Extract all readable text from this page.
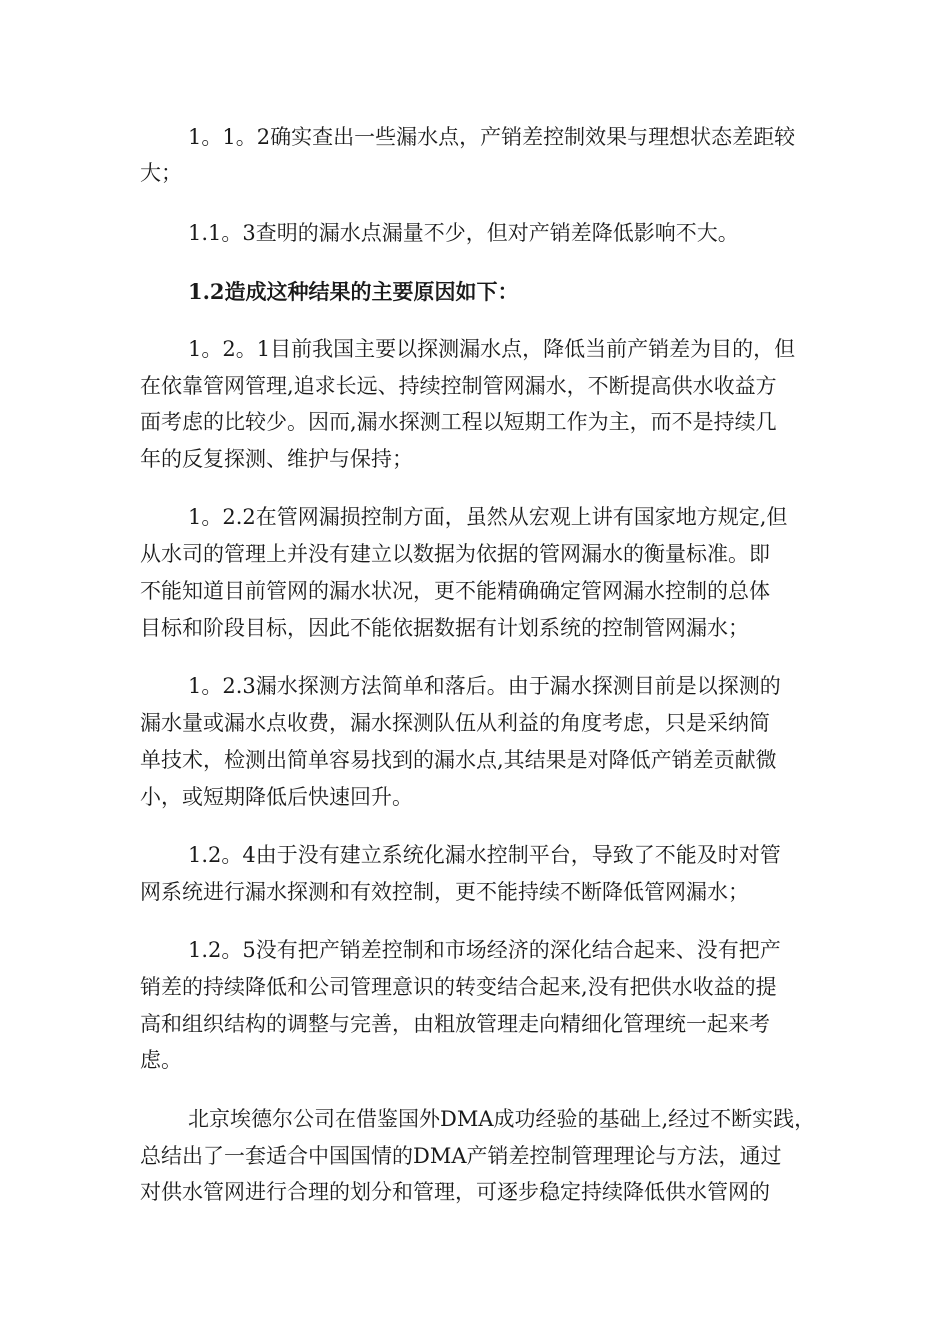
1。1。2确实查出一些漏水点，产销差控制效果与理想状态差距较
大；
1.1。3查明的漏水点漏量不少，但对产销差降低影响不大。
1.2造成这种结果的主要原因如下：
1。2。1目前我国主要以探测漏水点，降低当前产销差为目的，但
在依靠管网管理,追求长远、持续控制管网漏水，不断提高供水收益方
面考虑的比较少。因而,漏水探测工程以短期工作为主，而不是持续几
年的反复探测、维护与保持；
1。2.2在管网漏损控制方面，虽然从宏观上讲有国家地方规定,但
从水司的管理上并没有建立以数据为依据的管网漏水的衡量标准。即
不能知道目前管网的漏水状况，更不能精确确定管网漏水控制的总体
目标和阶段目标，因此不能依据数据有计划系统的控制管网漏水；
1。2.3漏水探测方法简单和落后。由于漏水探测目前是以探测的
漏水量或漏水点收费，漏水探测队伍从利益的角度考虑，只是采纳简
单技术，检测出简单容易找到的漏水点,其结果是对降低产销差贡献微
小，或短期降低后快速回升。
1.2。4由于没有建立系统化漏水控制平台，导致了不能及时对管
网系统进行漏水探测和有效控制，更不能持续不断降低管网漏水；
1.2。5没有把产销差控制和市场经济的深化结合起来、没有把产
销差的持续降低和公司管理意识的转变结合起来,没有把供水收益的提
高和组织结构的调整与完善，由粗放管理走向精细化管理统一起来考
虑。
北京埃德尔公司在借鉴国外DMA成功经验的基础上,经过不断实践，
总结出了一套适合中国国情的DMA产销差控制管理理论与方法，通过
对供水管网进行合理的划分和管理，可逐步稳定持续降低供水管网的
